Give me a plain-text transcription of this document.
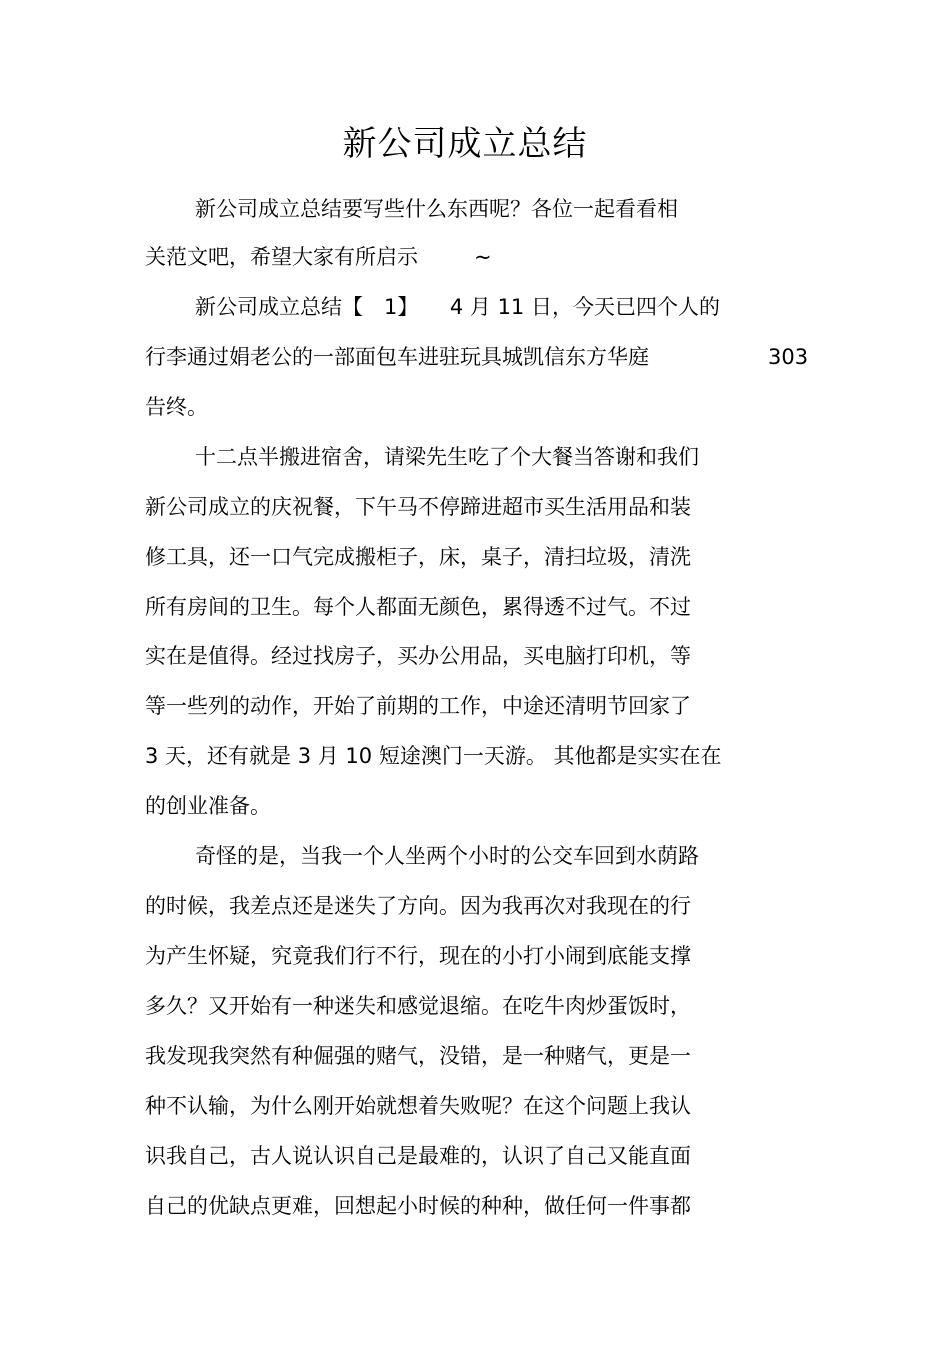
新公司成立总结
新公司成立总结要写些什么东西呢？各位一起看看相
关范文吧，希望大家有所启示	~
新公司成立总结【　1】　　4 月 11 日，今天已四个人的
行李通过娟老公的一部面包车进驻玩具城凯信东方华庭	303
告终。
十二点半搬进宿舍，请梁先生吃了个大餐当答谢和我们
新公司成立的庆祝餐，下午马不停蹄进超市买生活用品和装
修工具，还一口气完成搬柜子，床，桌子，清扫垃圾，清洗
所有房间的卫生。每个人都面无颜色，累得透不过气。不过
实在是值得。经过找房子，买办公用品，买电脑打印机，等
等一些列的动作，开始了前期的工作，中途还清明节回家了
3 天，还有就是 3 月 10 短途澳门一天游。 其他都是实实在在
的创业准备。
奇怪的是，当我一个人坐两个小时的公交车回到水荫路
的时候，我差点还是迷失了方向。因为我再次对我现在的行
为产生怀疑，究竟我们行不行，现在的小打小闹到底能支撑
多久？又开始有一种迷失和感觉退缩。在吃牛肉炒蛋饭时，
我发现我突然有种倔强的赌气，没错，是一种赌气，更是一
种不认输，为什么刚开始就想着失败呢？在这个问题上我认
识我自己，古人说认识自己是最难的，认识了自己又能直面
自己的优缺点更难，回想起小时候的种种，做任何一件事都
